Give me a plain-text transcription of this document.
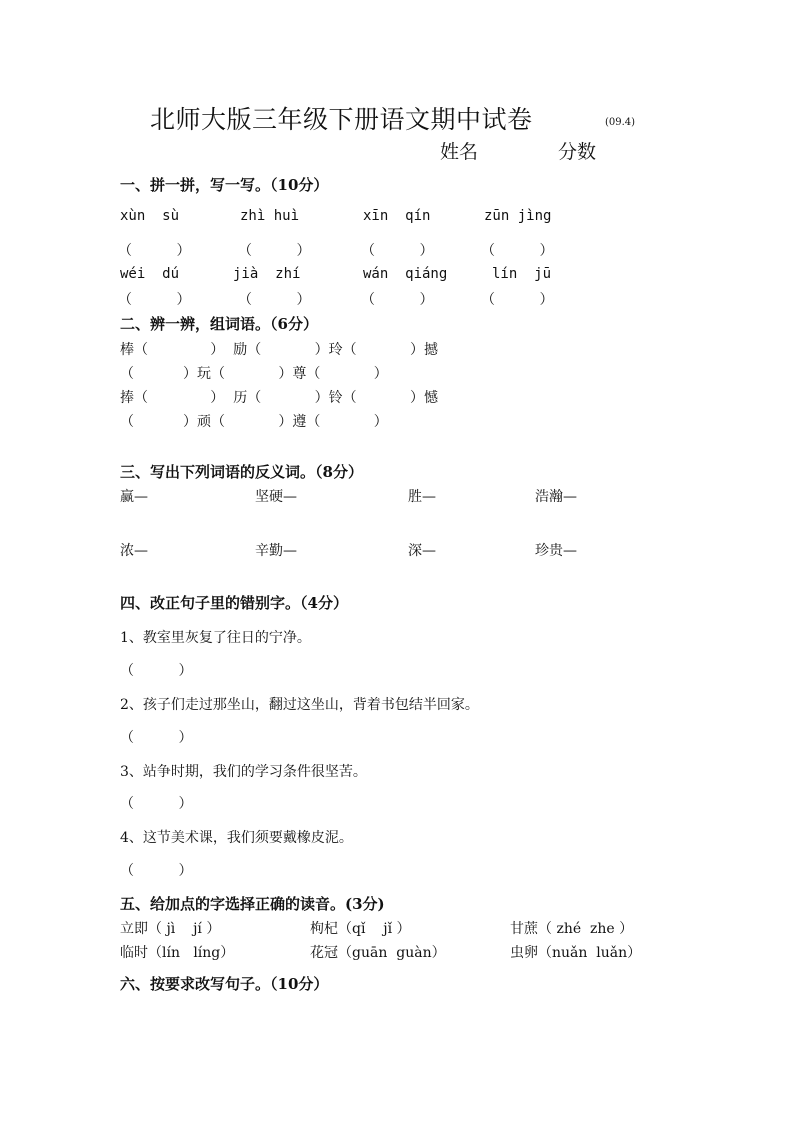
北师大版三年级下册语文期中试卷	(09.4)
姓名	分数
一、拼一拼，写一写。（10分）
xùn  sù	zhì huì	xīn  qín	zūn jìng
（          ）	（          ）	（          ）	（          ）
wéi  dú	jià  zhí	wán  qiáng	lín  jū
（          ）	（          ）	（          ）	（          ）
二、辨一辨，组词语。（6分）
棒（              ）  励（            ）玲（            ）撼
（           ）玩（            ）尊（            ）
捧（              ）  历（            ）铃（            ）憾
（           ）顽（            ）遵（            ）
三、写出下列词语的反义词。（8分）
赢—	坚硬—	胜—	浩瀚—
浓—	辛勤—	深—	珍贵—
四、改正句子里的错别字。（4分）
1、教室里灰复了往日的宁净。
（          ）
2、孩子们走过那坐山，翻过这坐山，背着书包结半回家。
（          ）
3、站争时期，我们的学习条件很坚苦。
（          ）
4、这节美术课，我们须要戴橡皮泥。
（          ）
五、给加点的字选择正确的读音。(3分)
立即（ jì    jí ）	枸杞（qǐ    jǐ ）	甘蔗（ zhé  zhe ）
临时（lín   líng）	花冠（guān  guàn）	虫卵（nuǎn  luǎn）
六、按要求改写句子。（10分）
